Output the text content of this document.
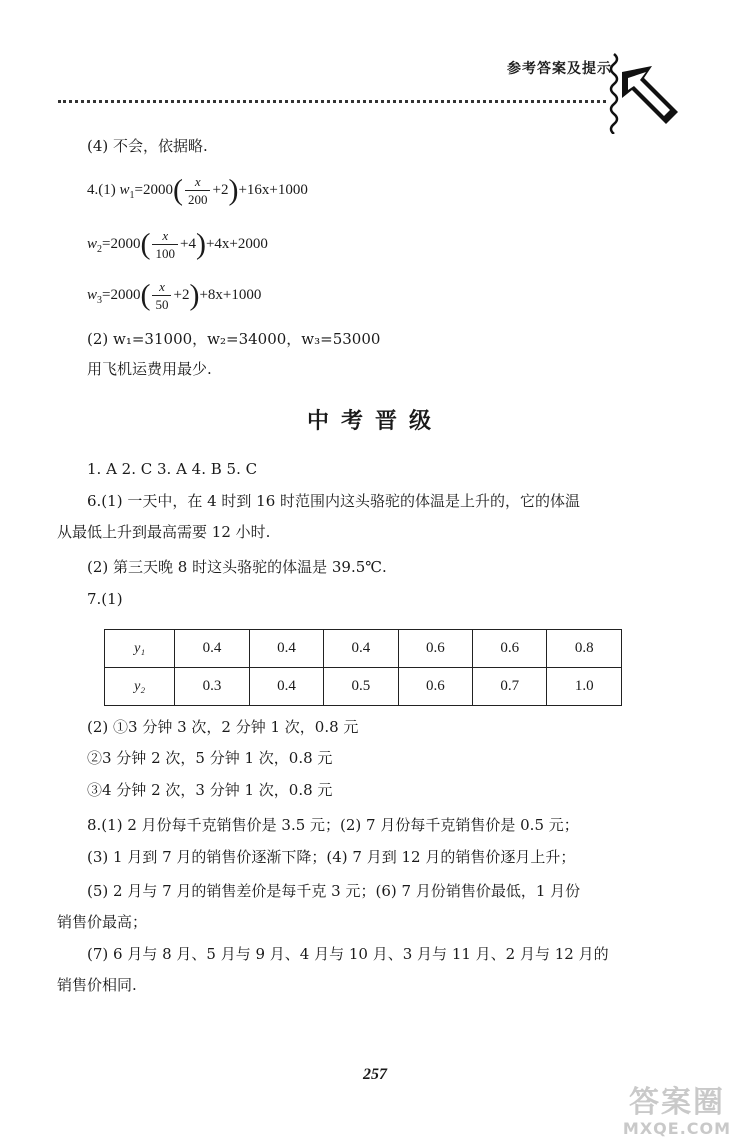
参考答案及提示
(4) 不会，依据略.
4.(1) $w_1=2000( \frac{x}{200} +2)+16x+1000$
$w_2=2000( \frac{x}{100} +4)+4x+2000$
$w_3=2000( \frac{x}{50} +2)+8x+1000$
(2) w₁=31000，w₂=34000，w₃=53000
用飞机运费用最少.
中考晋级
1. A 2. C 3. A 4. B 5. C
6.(1) 一天中，在 4 时到 16 时范围内这头骆驼的体温是上升的，它的体温
从最低上升到最高需要 12 小时.
(2) 第三天晚 8 时这头骆驼的体温是 39.5℃.
7.(1)
y₁	0.4	0.4	0.4	0.6	0.6	0.8
y₂	0.3	0.4	0.5	0.6	0.7	1.0
(2) ①3 分钟 3 次，2 分钟 1 次，0.8 元
②3 分钟 2 次，5 分钟 1 次，0.8 元
③4 分钟 2 次，3 分钟 1 次，0.8 元
8.(1) 2 月份每千克销售价是 3.5 元；(2) 7 月份每千克销售价是 0.5 元；
(3) 1 月到 7 月的销售价逐渐下降；(4) 7 月到 12 月的销售价逐月上升；
(5) 2 月与 7 月的销售差价是每千克 3 元；(6) 7 月份销售价最低，1 月份
销售价最高；
(7) 6 月与 8 月、5 月与 9 月、4 月与 10 月、3 月与 11 月、2 月与 12 月的
销售价相同.
257
答案圈
MXQE.COM
